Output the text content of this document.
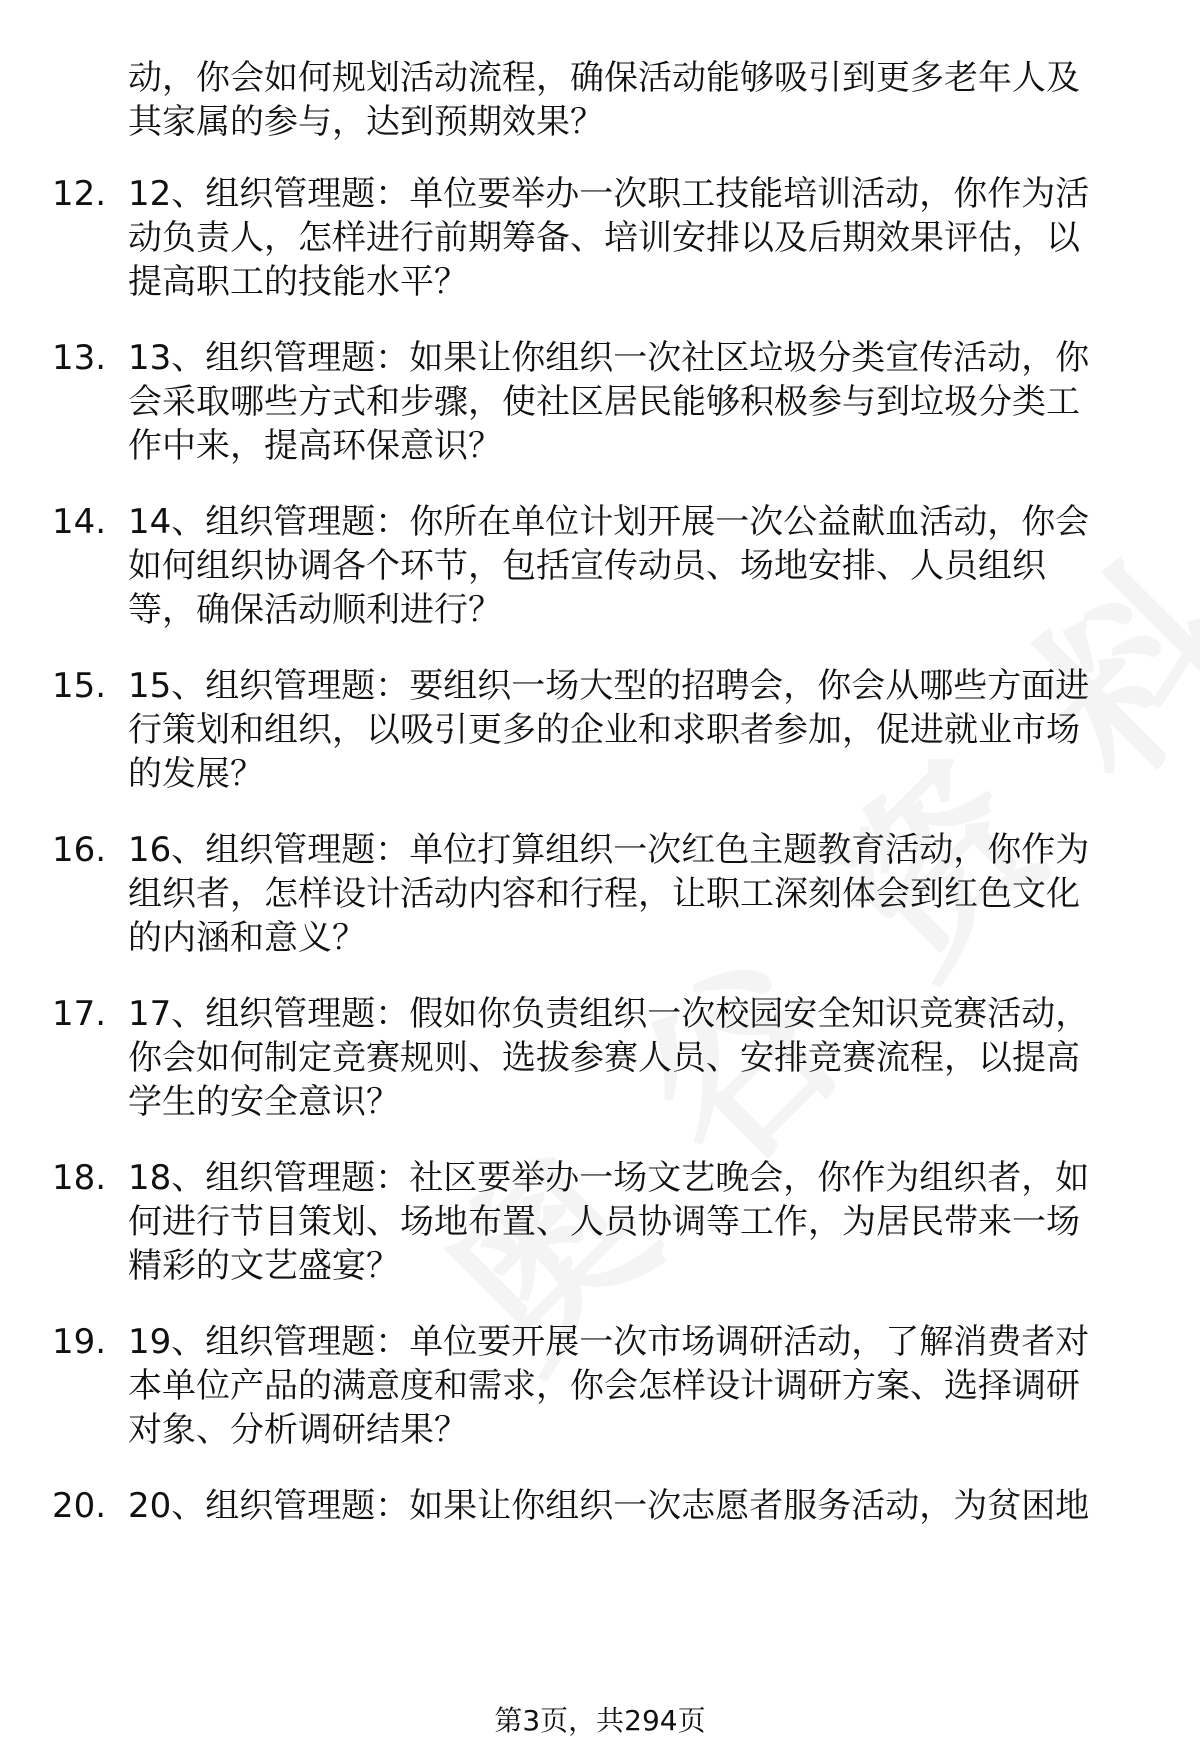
动，你会如何规划活动流程，确保活动能够吸引到更多老年人及
其家属的参与，达到预期效果？
12. 12、组织管理题：单位要举办一次职工技能培训活动，你作为活
动负责人，怎样进行前期筹备、培训安排以及后期效果评估，以
提高职工的技能水平？
13. 13、组织管理题：如果让你组织一次社区垃圾分类宣传活动，你
会采取哪些方式和步骤，使社区居民能够积极参与到垃圾分类工
作中来，提高环保意识？
14. 14、组织管理题：你所在单位计划开展一次公益献血活动，你会
如何组织协调各个环节，包括宣传动员、场地安排、人员组织
等，确保活动顺利进行？
15. 15、组织管理题：要组织一场大型的招聘会，你会从哪些方面进
行策划和组织，以吸引更多的企业和求职者参加，促进就业市场
的发展？
16. 16、组织管理题：单位打算组织一次红色主题教育活动，你作为
组织者，怎样设计活动内容和行程，让职工深刻体会到红色文化
的内涵和意义？
17. 17、组织管理题：假如你负责组织一次校园安全知识竞赛活动，
你会如何制定竞赛规则、选拔参赛人员、安排竞赛流程，以提高
学生的安全意识？
18. 18、组织管理题：社区要举办一场文艺晚会，你作为组织者，如
何进行节目策划、场地布置、人员协调等工作，为居民带来一场
精彩的文艺盛宴？
19. 19、组织管理题：单位要开展一次市场调研活动，了解消费者对
本单位产品的满意度和需求，你会怎样设计调研方案、选择调研
对象、分析调研结果？
20. 20、组织管理题：如果让你组织一次志愿者服务活动，为贫困地
第3页，共294页
